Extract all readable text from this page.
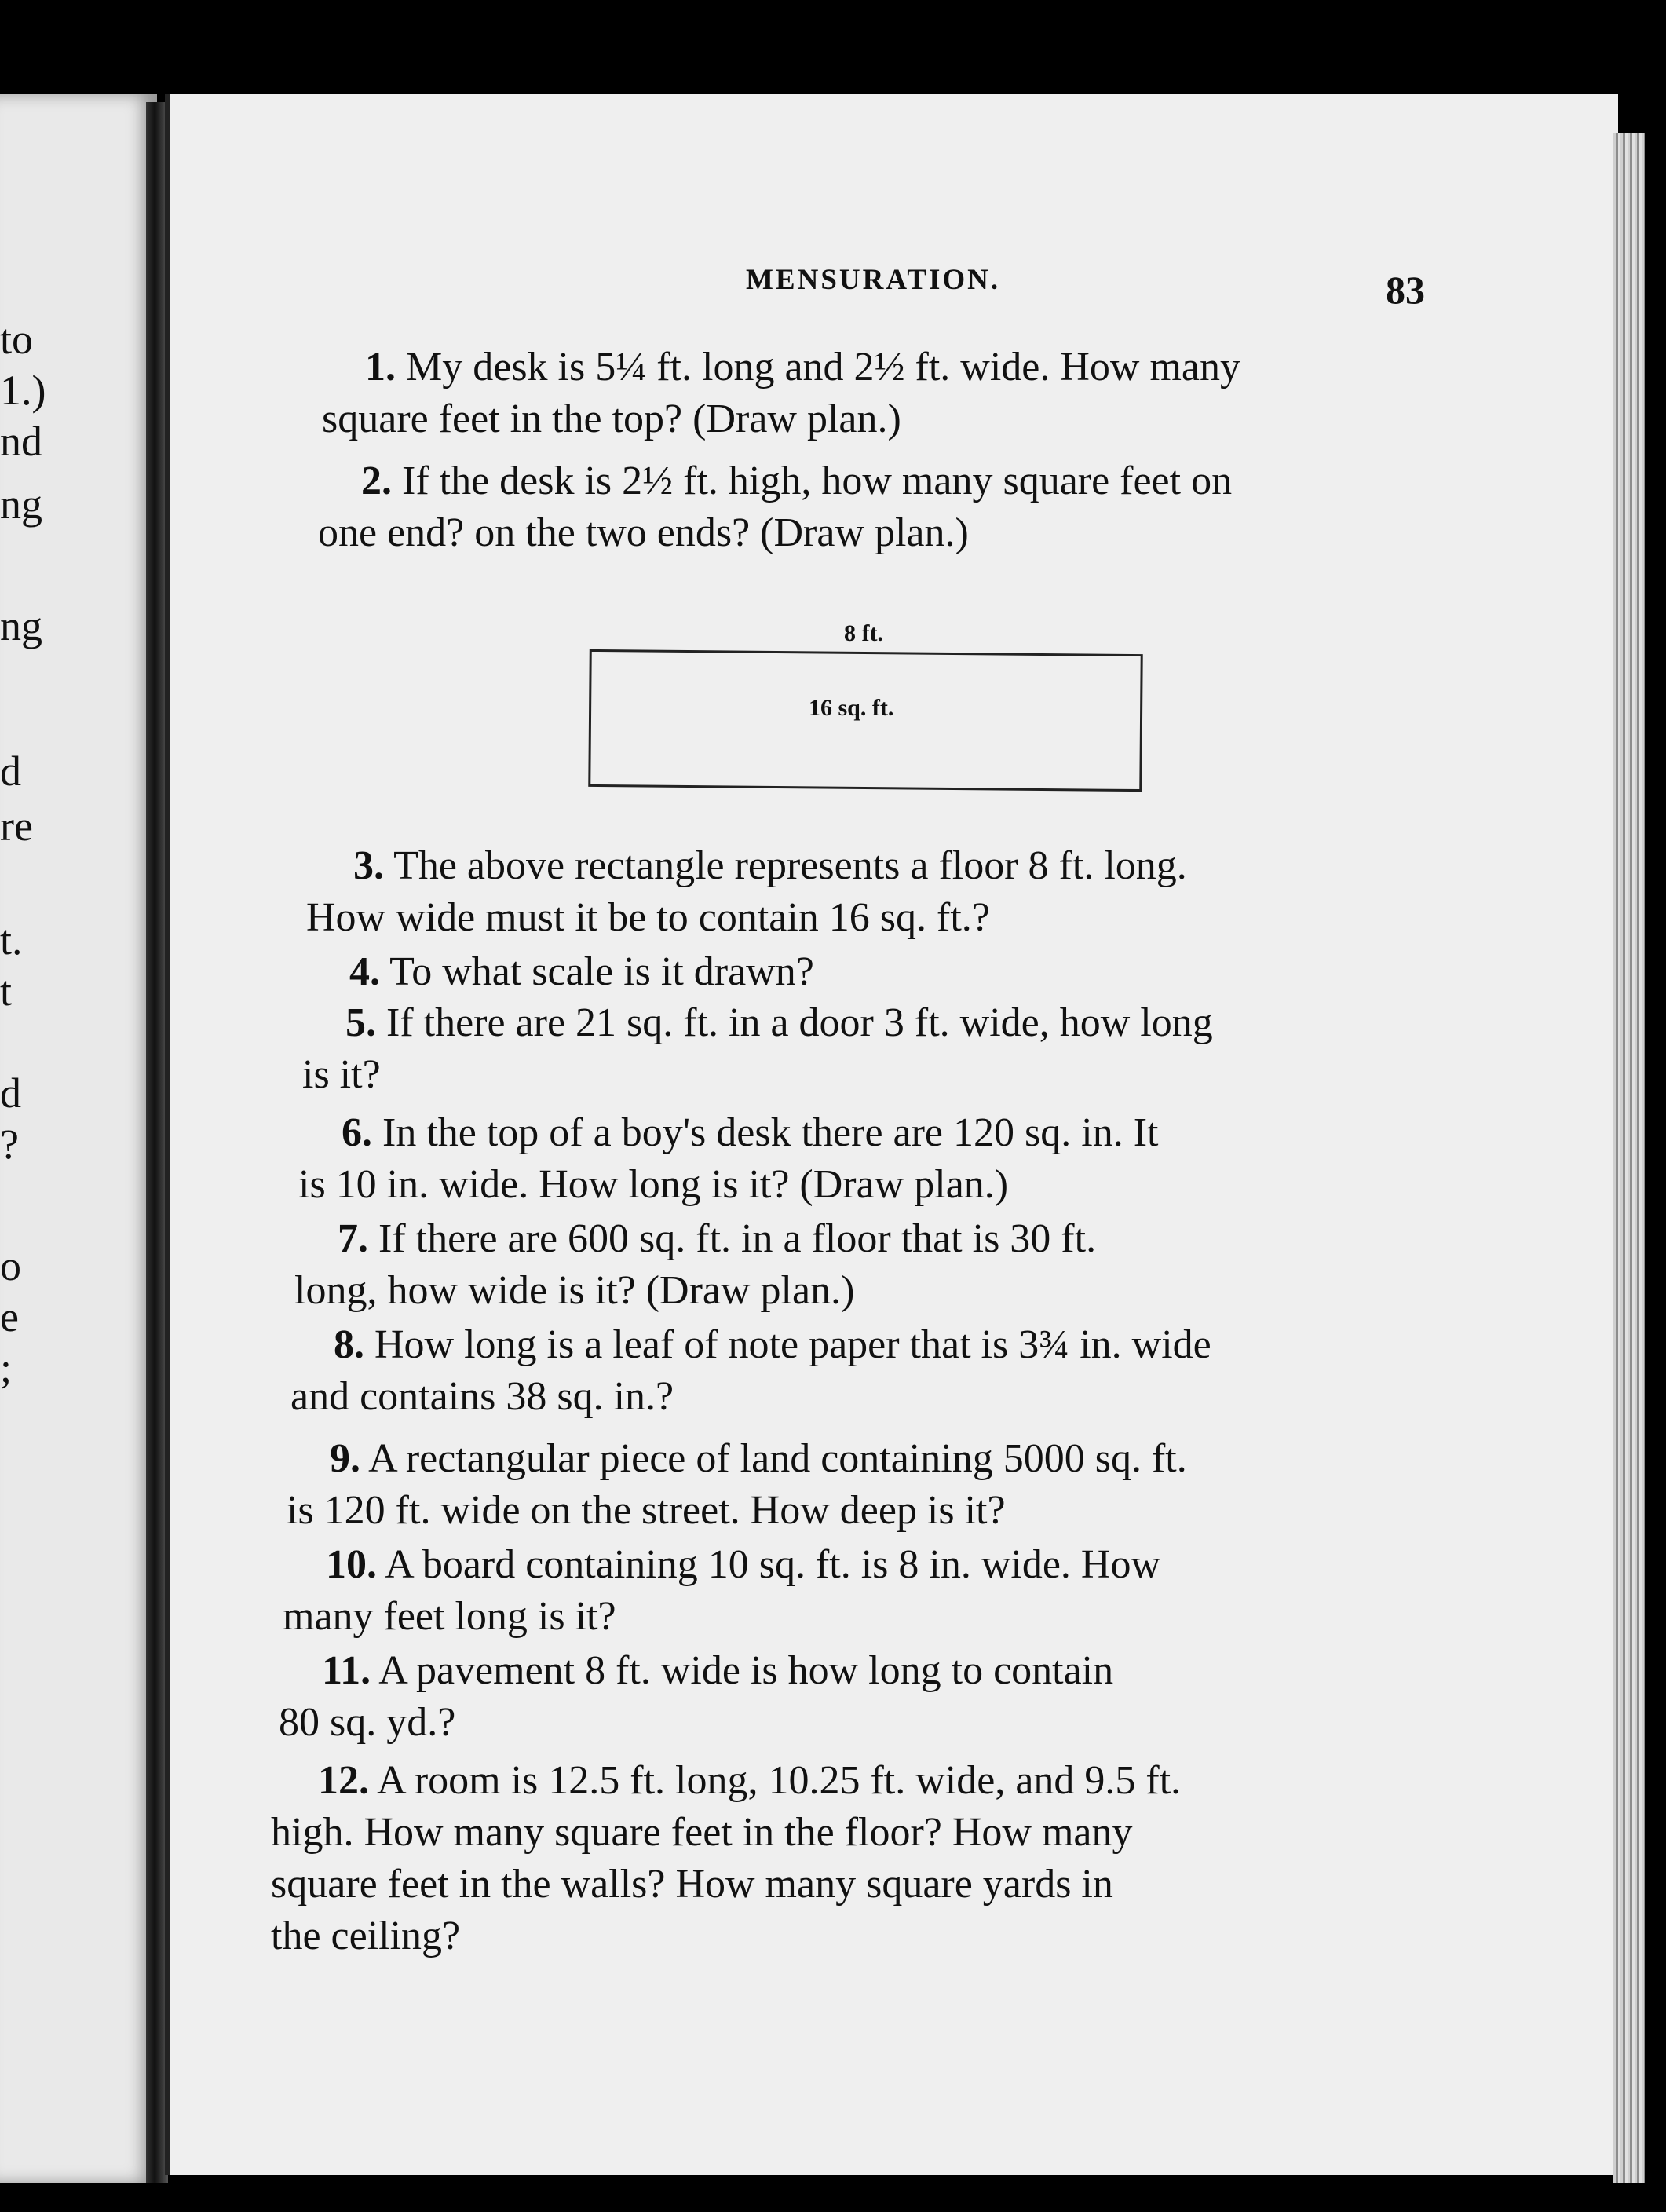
to
1.)
nd
ng
ng
d
re
t.
t
d
?
o
e
;
MENSURATION.	83
1. My desk is 5¼ ft. long and 2½ ft. wide. How many
square feet in the top? (Draw plan.)
2. If the desk is 2½ ft. high, how many square feet on
one end? on the two ends? (Draw plan.)
8 ft.
16 sq. ft.
3. The above rectangle represents a floor 8 ft. long.
How wide must it be to contain 16 sq. ft.?
4. To what scale is it drawn?
5. If there are 21 sq. ft. in a door 3 ft. wide, how long
is it?
6. In the top of a boy's desk there are 120 sq. in. It
is 10 in. wide. How long is it? (Draw plan.)
7. If there are 600 sq. ft. in a floor that is 30 ft.
long, how wide is it? (Draw plan.)
8. How long is a leaf of note paper that is 3¾ in. wide
and contains 38 sq. in.?
9. A rectangular piece of land containing 5000 sq. ft.
is 120 ft. wide on the street. How deep is it?
10. A board containing 10 sq. ft. is 8 in. wide. How
many feet long is it?
11. A pavement 8 ft. wide is how long to contain
80 sq. yd.?
12. A room is 12.5 ft. long, 10.25 ft. wide, and 9.5 ft.
high. How many square feet in the floor? How many
square feet in the walls? How many square yards in
the ceiling?
